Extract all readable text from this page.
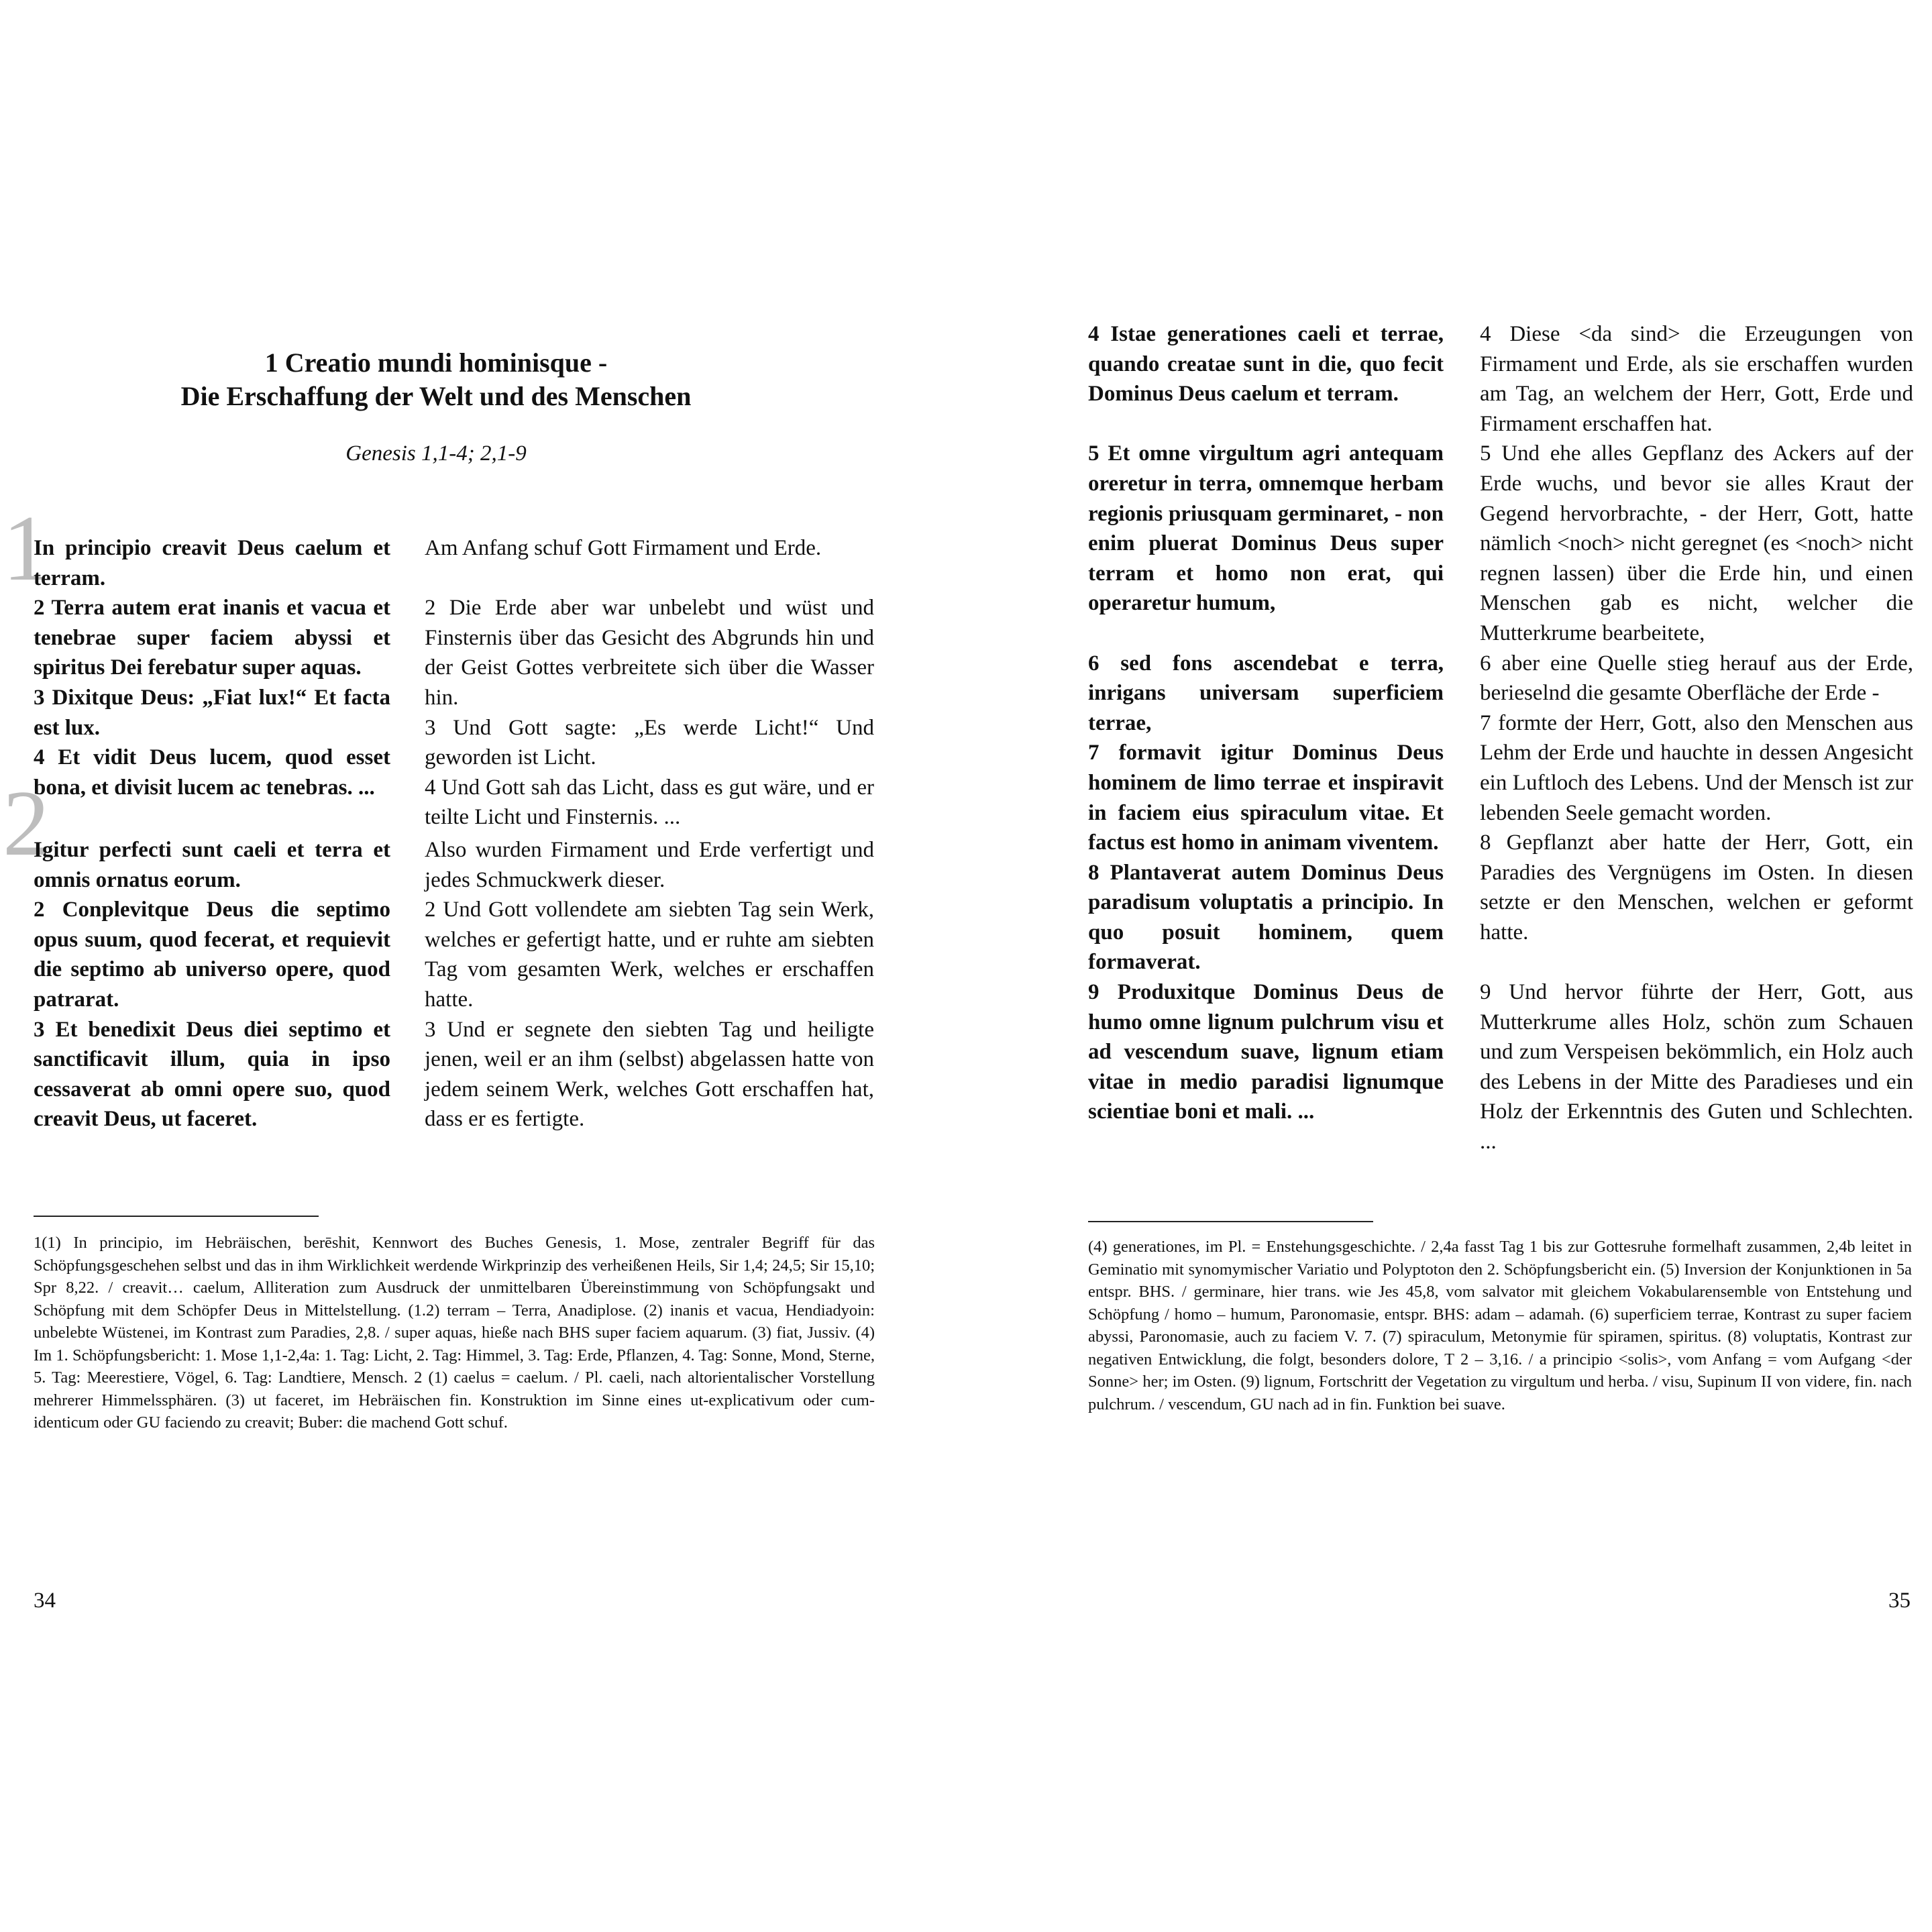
1 Creatio mundi hominisque -
Die Erschaffung der Welt und des Menschen
Genesis 1,1-4; 2,1-9
1

In principio creavit Deus caelum et terram.

2 Terra autem erat inanis et vacua et tenebrae super faciem abyssi et spiritus Dei ferebatur super aquas.

3 Dixitque Deus: „Fiat lux!“ Et facta est lux.

4 Et vidit Deus lucem, quod esset bona, et divisit lucem ac tenebras. ...

Am Anfang schuf Gott Firmament und Erde.

2 Die Erde aber war unbelebt und wüst und Finsternis über das Gesicht des Abgrunds hin und der Geist Gottes verbreitete sich über die Wasser hin.

3 Und Gott sagte: „Es werde Licht!“ Und geworden ist Licht.

4 Und Gott sah das Licht, dass es gut wäre, und er teilte Licht und Finsternis. ...

2

Igitur perfecti sunt caeli et terra et omnis ornatus eorum.

2 Conplevitque Deus die septimo opus suum, quod fecerat, et requievit die septimo ab universo opere, quod patrarat.

3 Et benedixit Deus diei septimo et sanctificavit illum, quia in ipso cessaverat ab omni opere suo, quod creavit Deus, ut faceret.

Also wurden Firmament und Erde verfertigt und jedes Schmuckwerk dieser.

2 Und Gott vollendete am siebten Tag sein Werk, welches er gefertigt hatte, und er ruhte am siebten Tag vom gesamten Werk, welches er erschaffen hatte.

3 Und er segnete den siebten Tag und heiligte jenen, weil er an ihm (selbst) abgelassen hatte von jedem seinem Werk, welches Gott erschaffen hat, dass er es fertigte.

1(1) In principio, im Hebräischen, berēshit, Kennwort des Buches Genesis, 1. Mose, zentraler Begriff für das Schöpfungsgeschehen selbst und das in ihm Wirklichkeit werdende Wirkprinzip des verheißenen Heils, Sir 1,4; 24,5; Sir 15,10; Spr 8,22. / creavit… caelum, Alliteration zum Ausdruck der unmittelbaren Übereinstimmung von Schöpfungsakt und Schöpfung mit dem Schöpfer Deus in Mittelstellung. (1.2) terram – Terra, Anadiplose. (2) inanis et vacua, Hendiadyoin: unbelebte Wüstenei, im Kontrast zum Paradies, 2,8. / super aquas, hieße nach BHS super faciem aquarum. (3) fiat, Jussiv. (4) Im 1. Schöpfungsbericht: 1. Mose 1,1-2,4a: 1. Tag: Licht, 2. Tag: Himmel, 3. Tag: Erde, Pflanzen, 4. Tag: Sonne, Mond, Sterne, 5. Tag: Meerestiere, Vögel, 6. Tag: Landtiere, Mensch. 2 (1) caelus = caelum. / Pl. caeli, nach altorientalischer Vorstellung mehrerer Himmelssphären. (3) ut faceret, im Hebräischen fin. Konstruktion im Sinne eines ut-explicativum oder cum-identicum oder GU faciendo zu creavit; Buber: die machend Gott schuf.

34

4 Istae generationes caeli et terrae, quando creatae sunt in die, quo fecit Dominus Deus caelum et terram.

5 Et omne virgultum agri antequam oreretur in terra, omnemque herbam regionis priusquam germinaret, - non enim pluerat Dominus Deus super terram et homo non erat, qui operaretur humum,

6 sed fons ascendebat e terra, inrigans universam superficiem terrae,

7 formavit igitur Dominus Deus hominem de limo terrae et inspiravit in faciem eius spiraculum vitae. Et factus est homo in animam viventem.

8 Plantaverat autem Dominus Deus paradisum voluptatis a principio. In quo posuit hominem, quem formaverat.

9 Produxitque Dominus Deus de humo omne lignum pulchrum visu et ad vescendum suave, lignum etiam vitae in medio paradisi lignumque scientiae boni et mali. ...

4 Diese <da sind> die Erzeugungen von Firmament und Erde, als sie erschaffen wurden am Tag, an welchem der Herr, Gott, Erde und Firmament erschaffen hat.

5 Und ehe alles Gepflanz des Ackers auf der Erde wuchs, und bevor sie alles Kraut der Gegend hervorbrachte, - der Herr, Gott, hatte nämlich <noch> nicht geregnet (es <noch> nicht regnen lassen) über die Erde hin, und einen Menschen gab es nicht, welcher die Mutterkrume bearbeitete,

6 aber eine Quelle stieg herauf aus der Erde, berieselnd die gesamte Oberfläche der Erde -

7 formte der Herr, Gott, also den Menschen aus Lehm der Erde und hauchte in dessen Angesicht ein Luftloch des Lebens. Und der Mensch ist zur lebenden Seele gemacht worden.

8 Gepflanzt aber hatte der Herr, Gott, ein Paradies des Vergnügens im Osten. In diesen setzte er den Menschen, welchen er geformt hatte.

9 Und hervor führte der Herr, Gott, aus Mutterkrume alles Holz, schön zum Schauen und zum Verspeisen bekömmlich, ein Holz auch des Lebens in der Mitte des Paradieses und ein Holz der Erkenntnis des Guten und Schlechten. ...

(4) generationes, im Pl. = Enstehungsgeschichte. / 2,4a fasst Tag 1 bis zur Gottesruhe formelhaft zusammen, 2,4b leitet in Geminatio mit synomymischer Variatio und Polyptoton den 2. Schöpfungsbericht ein. (5) Inversion der Konjunktionen in 5a entspr. BHS. / germinare, hier trans. wie Jes 45,8, vom salvator mit gleichem Vokabularensemble von Entstehung und Schöpfung / homo – humum, Paronomasie, entspr. BHS: adam – adamah. (6) superficiem terrae, Kontrast zu super faciem abyssi, Paronomasie, auch zu faciem V. 7. (7) spiraculum, Metonymie für spiramen, spiritus. (8) voluptatis, Kontrast zur negativen Entwicklung, die folgt, besonders dolore, T 2 – 3,16. / a principio <solis>, vom Anfang = vom Aufgang <der Sonne> her; im Osten. (9) lignum, Fortschritt der Vegetation zu virgultum und herba. / visu, Supinum II von videre, fin. nach pulchrum. / vescendum, GU nach ad in fin. Funktion bei suave.

35
